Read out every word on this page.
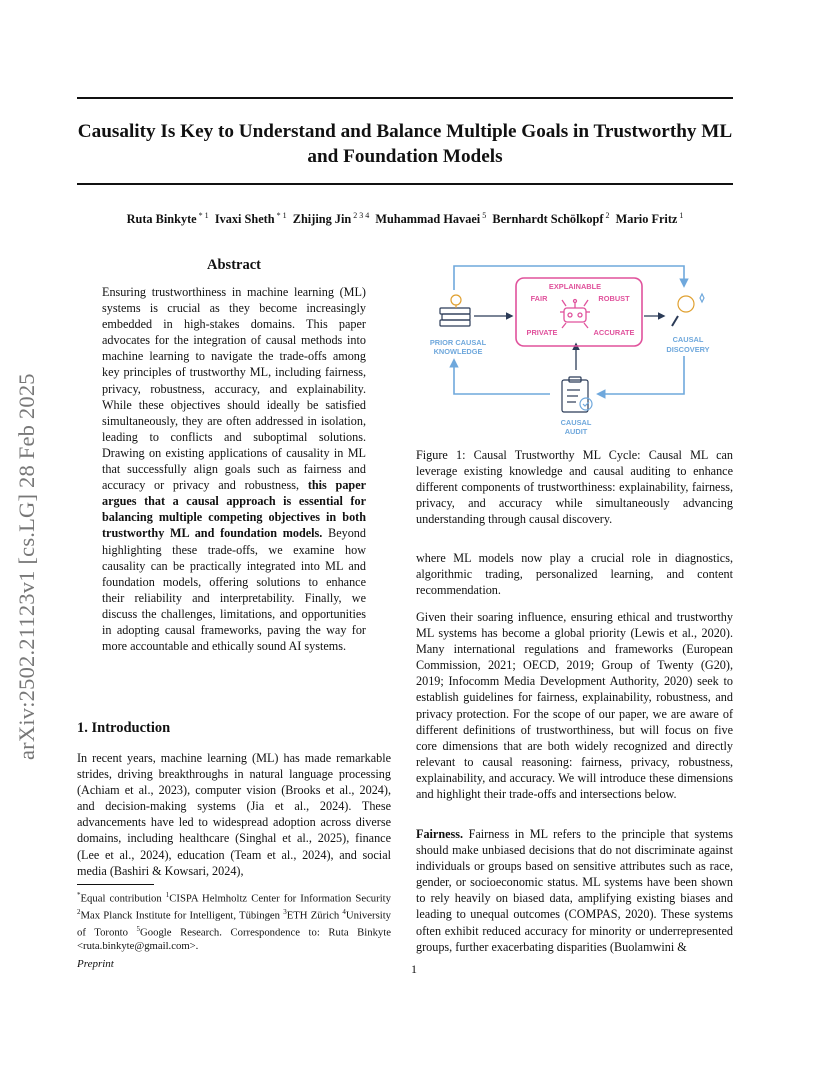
Causality Is Key to Understand and Balance Multiple Goals in Trustworthy ML and Foundation Models
Ruta Binkyte $^{* 1}$  Ivaxi Sheth $^{* 1}$  Zhijing Jin $^{2 3 4}$  Muhammad Havaei $^5$  Bernhardt Schölkopf $^2$  Mario Fritz $^1$
arXiv:2502.21123v1 [cs.LG] 28 Feb 2025
Abstract

Ensuring trustworthiness in machine learning (ML) systems is crucial as they become increasingly embedded in high-stakes domains. This paper advocates for the integration of causal methods into machine learning to navigate the trade-offs among key principles of trustworthy ML, including fairness, privacy, robustness, accuracy, and explainability. While these objectives should ideally be satisfied simultaneously, they are often addressed in isolation, leading to conflicts and suboptimal solutions. Drawing on existing applications of causality in ML that successfully align goals such as fairness and accuracy or privacy and robustness, this paper argues that a causal approach is essential for balancing multiple competing objectives in both trustworthy ML and foundation models. Beyond highlighting these trade-offs, we examine how causality can be practically integrated into ML and foundation models, offering solutions to enhance their reliability and interpretability. Finally, we discuss the challenges, limitations, and opportunities in adopting causal frameworks, paving the way for more accountable and ethically sound AI systems.

1. Introduction
In recent years, machine learning (ML) has made remarkable strides, driving breakthroughs in natural language processing (Achiam et al., 2023), computer vision (Brooks et al., 2024), and decision-making systems (Jia et al., 2024). These advancements have led to widespread adoption across diverse domains, including healthcare (Singhal et al., 2025), finance (Lee et al., 2024), education (Team et al., 2024), and social media (Bashiri & Kowsari, 2024),
*Equal contribution $^1$CISPA Helmholtz Center for Information Security $^2$Max Planck Institute for Intelligent, Tübingen $^3$ETH Zürich $^4$University of Toronto $^5$Google Research. Correspondence to: Ruta Binkyte <ruta.binkyte@gmail.com>.
Preprint
EXPLAINABLE
FAIR	ROBUST
PRIVATE	ACCURATE
PRIOR CAUSAL
KNOWLEDGE
CAUSAL
DISCOVERY
CAUSAL
AUDIT
Figure 1: Causal Trustworthy ML Cycle: Causal ML can leverage existing knowledge and causal auditing to enhance different components of trustworthiness: explainability, fairness, privacy, and accuracy while simultaneously advancing understanding through causal discovery.
where ML models now play a crucial role in diagnostics, algorithmic trading, personalized learning, and content recommendation.
Given their soaring influence, ensuring ethical and trustworthy ML systems has become a global priority (Lewis et al., 2020). Many international regulations and frameworks (European Commission, 2021; OECD, 2019; Group of Twenty (G20), 2019; Infocomm Media Development Authority, 2020) seek to establish guidelines for fairness, explainability, robustness, and privacy protection. For the scope of our paper, we are aware of different definitions of trustworthiness, but will focus on five core dimensions that are both widely recognized and directly relevant to causal reasoning: fairness, privacy, robustness, explainability, and accuracy. We will introduce these dimensions and highlight their trade-offs and intersections below.

Fairness. Fairness in ML refers to the principle that systems should make unbiased decisions that do not discriminate against individuals or groups based on sensitive attributes such as race, gender, or socioeconomic status. ML systems have been shown to rely heavily on biased data, amplifying existing biases and leading to unequal outcomes (COMPAS, 2020). These systems often exhibit reduced accuracy for minority or underrepresented groups, further exacerbating disparities (Buolamwini &

1
